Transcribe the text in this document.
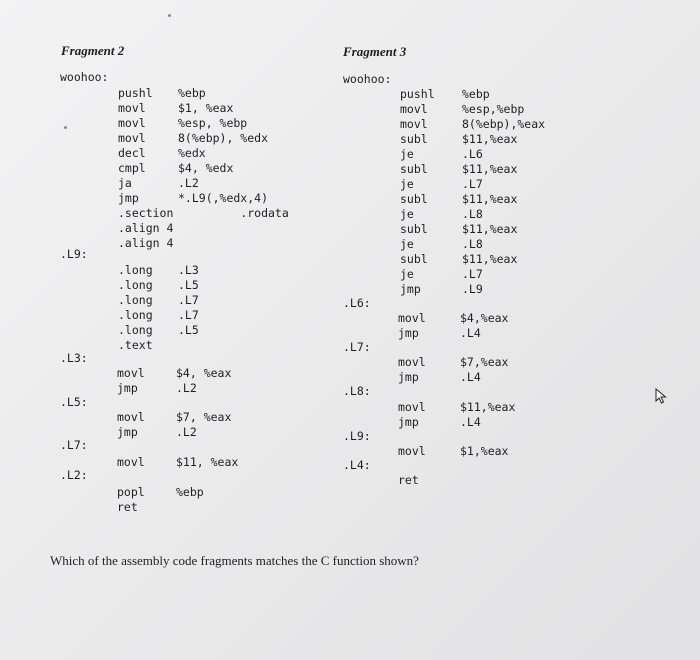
Fragment 2
woohoo:
pushl
movl
movl
movl
decl
cmpl
ja
jmp
.section
.align 4
.align 4
%ebp
$1, %eax
%esp, %ebp
8(%ebp), %edx
%edx
$4, %edx
.L2
*.L9(,%edx,4)
.rodata
.L9:
.long
.long
.long
.long
.long
.text
.L3
.L5
.L7
.L7
.L5
.L3:
movl
jmp
$4, %eax
.L2
.L5:
movl
jmp
$7, %eax
.L2
.L7:
movl	$11, %eax
.L2:
popl
ret
%ebp
Fragment 3
woohoo:
pushl
movl
movl
subl
je
subl
je
subl
je
subl
je
subl
je
jmp
%ebp
%esp,%ebp
8(%ebp),%eax
$11,%eax
.L6
$11,%eax
.L7
$11,%eax
.L8
$11,%eax
.L8
$11,%eax
.L7
.L9
.L6:
movl
jmp
$4,%eax
.L4
.L7:
movl
jmp
$7,%eax
.L4
.L8:
movl
jmp
$11,%eax
.L4
.L9:
movl	$1,%eax
.L4:
ret

Which of the assembly code fragments matches the C function shown?
